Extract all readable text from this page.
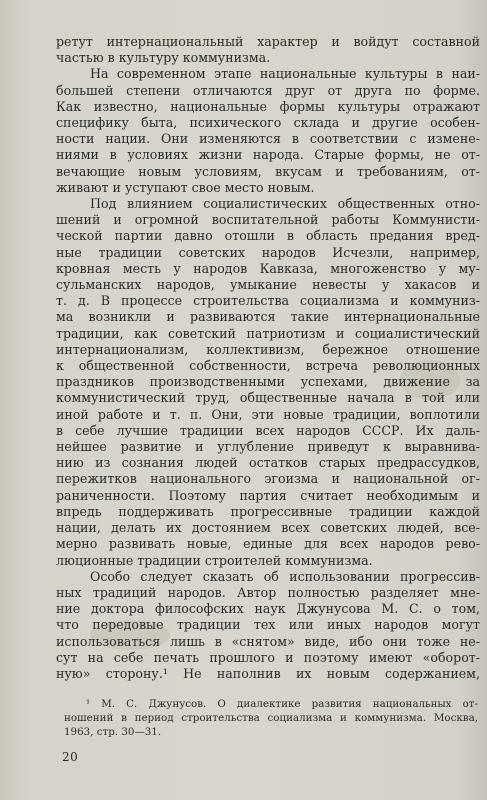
ретут интернациональный характер и войдут составной
частью в культуру коммунизма.

На современном этапе национальные культуры в наи-
большей степени отличаются друг от друга по форме.
Как известно, национальные формы культуры отражают
специфику быта, психического склада и другие особен-
ности нации. Они изменяются в соответствии с измене-
ниями в условиях жизни народа. Старые формы, не от-
вечающие новым условиям, вкусам и требованиям, от-
живают и уступают свое место новым.

Под влиянием социалистических общественных отно-
шений и огромной воспитательной работы Коммунисти-
ческой партии давно отошли в область предания вред-
ные традиции советских народов Исчезли, например,
кровная месть у народов Кавказа, многоженство у му-
сульманских народов, умыкание невесты у хакасов и
т. д. В процессе строительства социализма и коммуниз-
ма возникли и развиваются такие интернациональные
традиции, как советский патриотизм и социалистический
интернационализм, коллективизм, бережное отношение
к общественной собственности, встреча революционных
праздников производственными успехами, движение за
коммунистический труд, общественные начала в той или
иной работе и т. п. Они, эти новые традиции, воплотили
в себе лучшие традиции всех народов СССР. Их даль-
нейшее развитие и углубление приведут к выравнива-
нию из сознания людей остатков старых предрассудков,
пережитков национального эгоизма и национальной ог-
раниченности. Поэтому партия считает необходимым и
впредь поддерживать прогрессивные традиции каждой
нации, делать их достоянием всех советских людей, все-
мерно развивать новые, единые для всех народов рево-
люционные традиции строителей коммунизма.

Особо следует сказать об использовании прогрессив-
ных традиций народов. Автор полностью разделяет мне-
ние доктора философских наук Джунусова М. С. о том,
что передовые традиции тех или иных народов могут
использоваться лишь в «снятом» виде, ибо они тоже не-
сут на себе печать прошлого и поэтому имеют «оборот-
ную» сторону.¹ Не наполнив их новым содержанием,

¹ М. С. Джунусов. О диалектике развития национальных от-
ношений в период строительства социализма и коммунизма. Москва,
1963, стр. 30—31.

20
